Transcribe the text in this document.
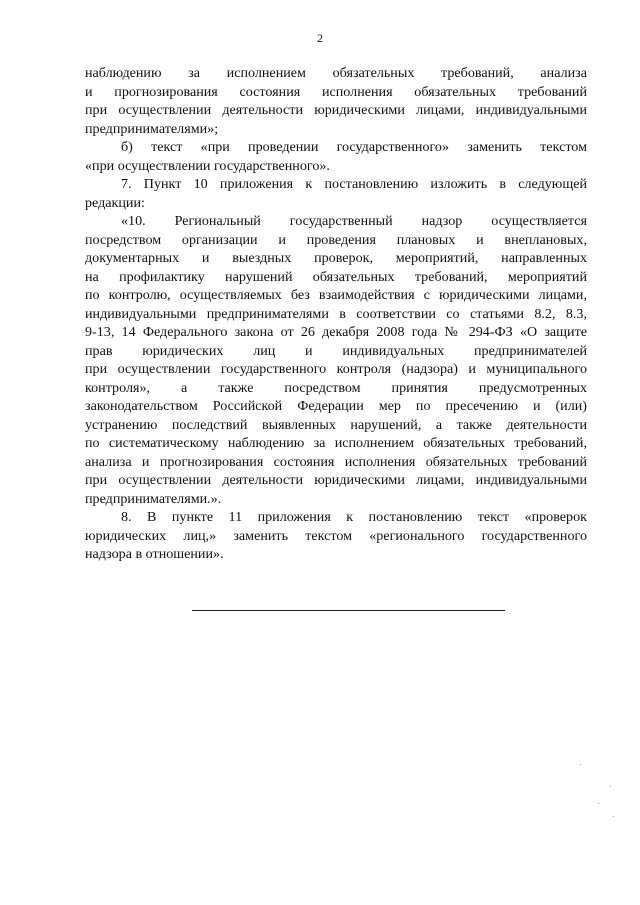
2
наблюдению за исполнением обязательных требований, анализа
и прогнозирования состояния исполнения обязательных требований
при осуществлении деятельности юридическими лицами, индивидуальными
предпринимателями»;
б) текст «при проведении государственного» заменить текстом
«при осуществлении государственного».
7. Пункт 10 приложения к постановлению изложить в следующей
редакции:
«10. Региональный государственный надзор осуществляется
посредством организации и проведения плановых и внеплановых,
документарных и выездных проверок, мероприятий, направленных
на профилактику нарушений обязательных требований, мероприятий
по контролю, осуществляемых без взаимодействия с юридическими лицами,
индивидуальными предпринимателями в соответствии со статьями 8.2, 8.3,
9-13, 14 Федерального закона от 26 декабря 2008 года № 294-ФЗ «О защите
прав юридических лиц и индивидуальных предпринимателей
при осуществлении государственного контроля (надзора) и муниципального
контроля», а также посредством принятия предусмотренных
законодательством Российской Федерации мер по пресечению и (или)
устранению последствий выявленных нарушений, а также деятельности
по систематическому наблюдению за исполнением обязательных требований,
анализа и прогнозирования состояния исполнения обязательных требований
при осуществлении деятельности юридическими лицами, индивидуальными
предпринимателями.».
8. В пункте 11 приложения к постановлению текст «проверок
юридических лиц,» заменить текстом «регионального государственного
надзора в отношении».
